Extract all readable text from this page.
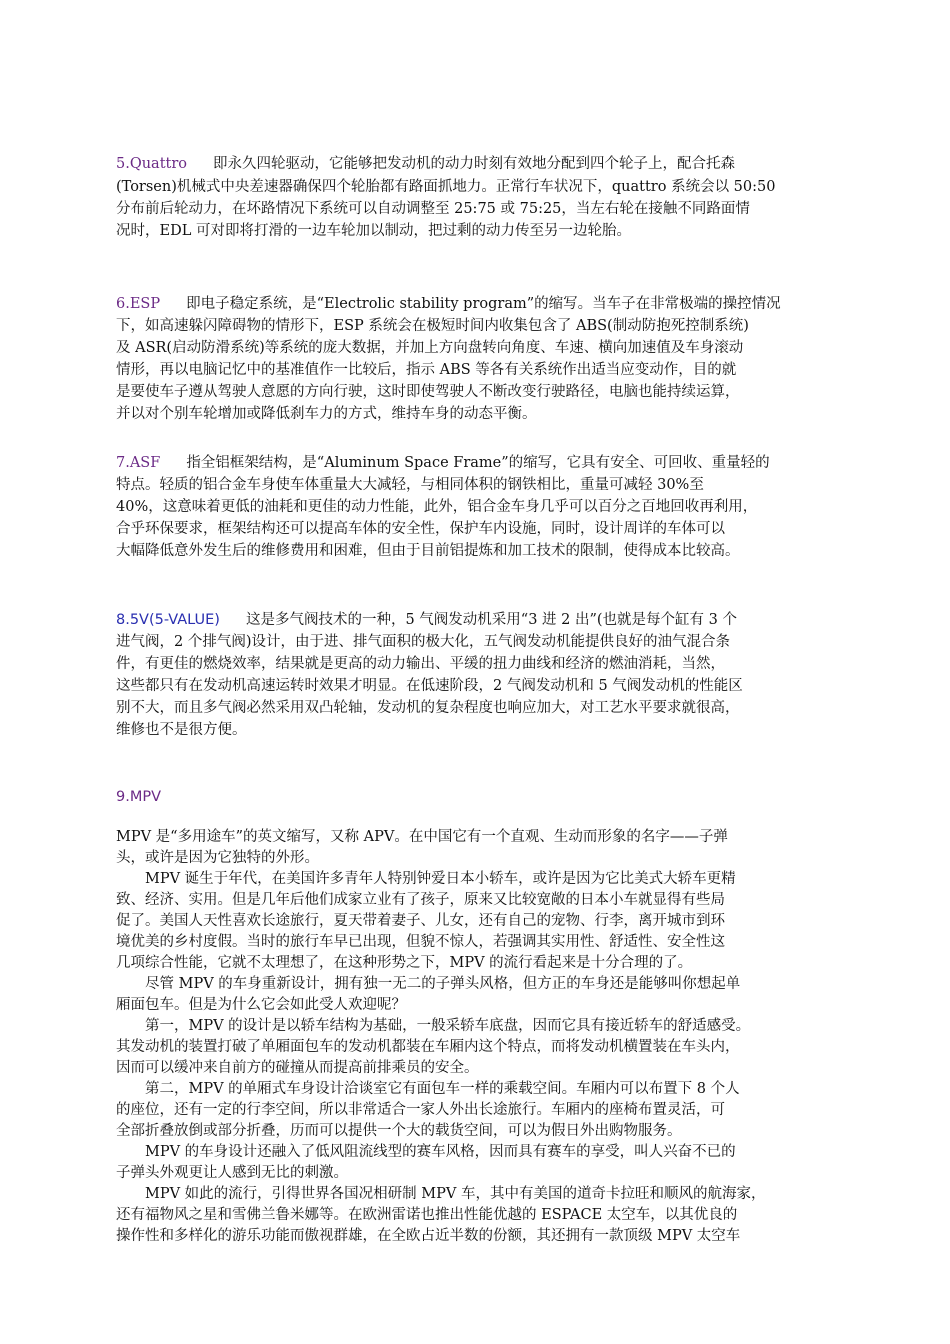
5.Quattro 即永久四轮驱动，它能够把发动机的动力时刻有效地分配到四个轮子上，配合托森

(Torsen)机械式中央差速器确保四个轮胎都有路面抓地力。正常行车状况下，quattro 系统会以 50:50

分布前后轮动力，在坏路情况下系统可以自动调整至 25:75 或 75:25，当左右轮在接触不同路面情

况时，EDL 可对即将打滑的一边车轮加以制动，把过剩的动力传至另一边轮胎。

6.ESP 即电子稳定系统，是“Electrolic stability program”的缩写。当车子在非常极端的操控情况

下，如高速躲闪障碍物的情形下，ESP 系统会在极短时间内收集包含了 ABS(制动防抱死控制系统)

及 ASR(启动防滑系统)等系统的庞大数据，并加上方向盘转向角度、车速、横向加速值及车身滚动

情形，再以电脑记忆中的基准值作一比较后，指示 ABS 等各有关系统作出适当应变动作，目的就

是要使车子遵从驾驶人意愿的方向行驶，这时即使驾驶人不断改变行驶路径，电脑也能持续运算，

并以对个别车轮增加或降低刹车力的方式，维持车身的动态平衡。

7.ASF 指全铝框架结构，是“Aluminum Space Frame”的缩写，它具有安全、可回收、重量轻的

特点。轻质的铝合金车身使车体重量大大减轻，与相同体积的钢铁相比，重量可减轻 30%至

40%，这意味着更低的油耗和更佳的动力性能，此外，铝合金车身几乎可以百分之百地回收再利用，

合乎环保要求，框架结构还可以提高车体的安全性，保护车内设施，同时，设计周详的车体可以

大幅降低意外发生后的维修费用和困难，但由于目前铝提炼和加工技术的限制，使得成本比较高。

8.5V(5-VALUE) 这是多气阀技术的一种，5 气阀发动机采用“3 进 2 出”(也就是每个缸有 3 个

进气阀，2 个排气阀)设计，由于进、排气面积的极大化，五气阀发动机能提供良好的油气混合条

件，有更佳的燃烧效率，结果就是更高的动力输出、平缓的扭力曲线和经济的燃油消耗，当然，

这些都只有在发动机高速运转时效果才明显。在低速阶段，2 气阀发动机和 5 气阀发动机的性能区

别不大，而且多气阀必然采用双凸轮轴，发动机的复杂程度也响应加大，对工艺水平要求就很高，

维修也不是很方便。

9.MPV

MPV 是“多用途车”的英文缩写，又称 APV。在中国它有一个直观、生动而形象的名字——子弹

头，或许是因为它独特的外形。

　　MPV 诞生于年代，在美国许多青年人特别钟爱日本小轿车，或许是因为它比美式大轿车更精

致、经济、实用。但是几年后他们成家立业有了孩子，原来又比较宽敞的日本小车就显得有些局

促了。美国人天性喜欢长途旅行，夏天带着妻子、儿女，还有自己的宠物、行李，离开城市到环

境优美的乡村度假。当时的旅行车早已出现，但貌不惊人，若强调其实用性、舒适性、安全性这

几项综合性能，它就不太理想了，在这种形势之下，MPV 的流行看起来是十分合理的了。

　　尽管 MPV 的车身重新设计，拥有独一无二的子弹头风格，但方正的车身还是能够叫你想起单

厢面包车。但是为什么它会如此受人欢迎呢？

　　第一，MPV 的设计是以轿车结构为基础，一般采轿车底盘，因而它具有接近轿车的舒适感受。

其发动机的装置打破了单厢面包车的发动机都装在车厢内这个特点，而将发动机横置装在车头内，

因而可以缓冲来自前方的碰撞从而提高前排乘员的安全。

　　第二，MPV 的单厢式车身设计洽谈室它有面包车一样的乘载空间。车厢内可以布置下 8 个人

的座位，还有一定的行李空间，所以非常适合一家人外出长途旅行。车厢内的座椅布置灵活，可

全部折叠放倒或部分折叠，历而可以提供一个大的载货空间，可以为假日外出购物服务。

　　MPV 的车身设计还融入了低风阻流线型的赛车风格，因而具有赛车的享受，叫人兴奋不已的

子弹头外观更让人感到无比的刺激。

　　MPV 如此的流行，引得世界各国况相研制 MPV 车，其中有美国的道奇卡拉旺和顺风的航海家，

还有福物风之星和雪佛兰鲁米娜等。在欧洲雷诺也推出性能优越的 ESPACE 太空车，以其优良的

操作性和多样化的游乐功能而傲视群雄，在全欧占近半数的份额，其还拥有一款顶级 MPV 太空车
